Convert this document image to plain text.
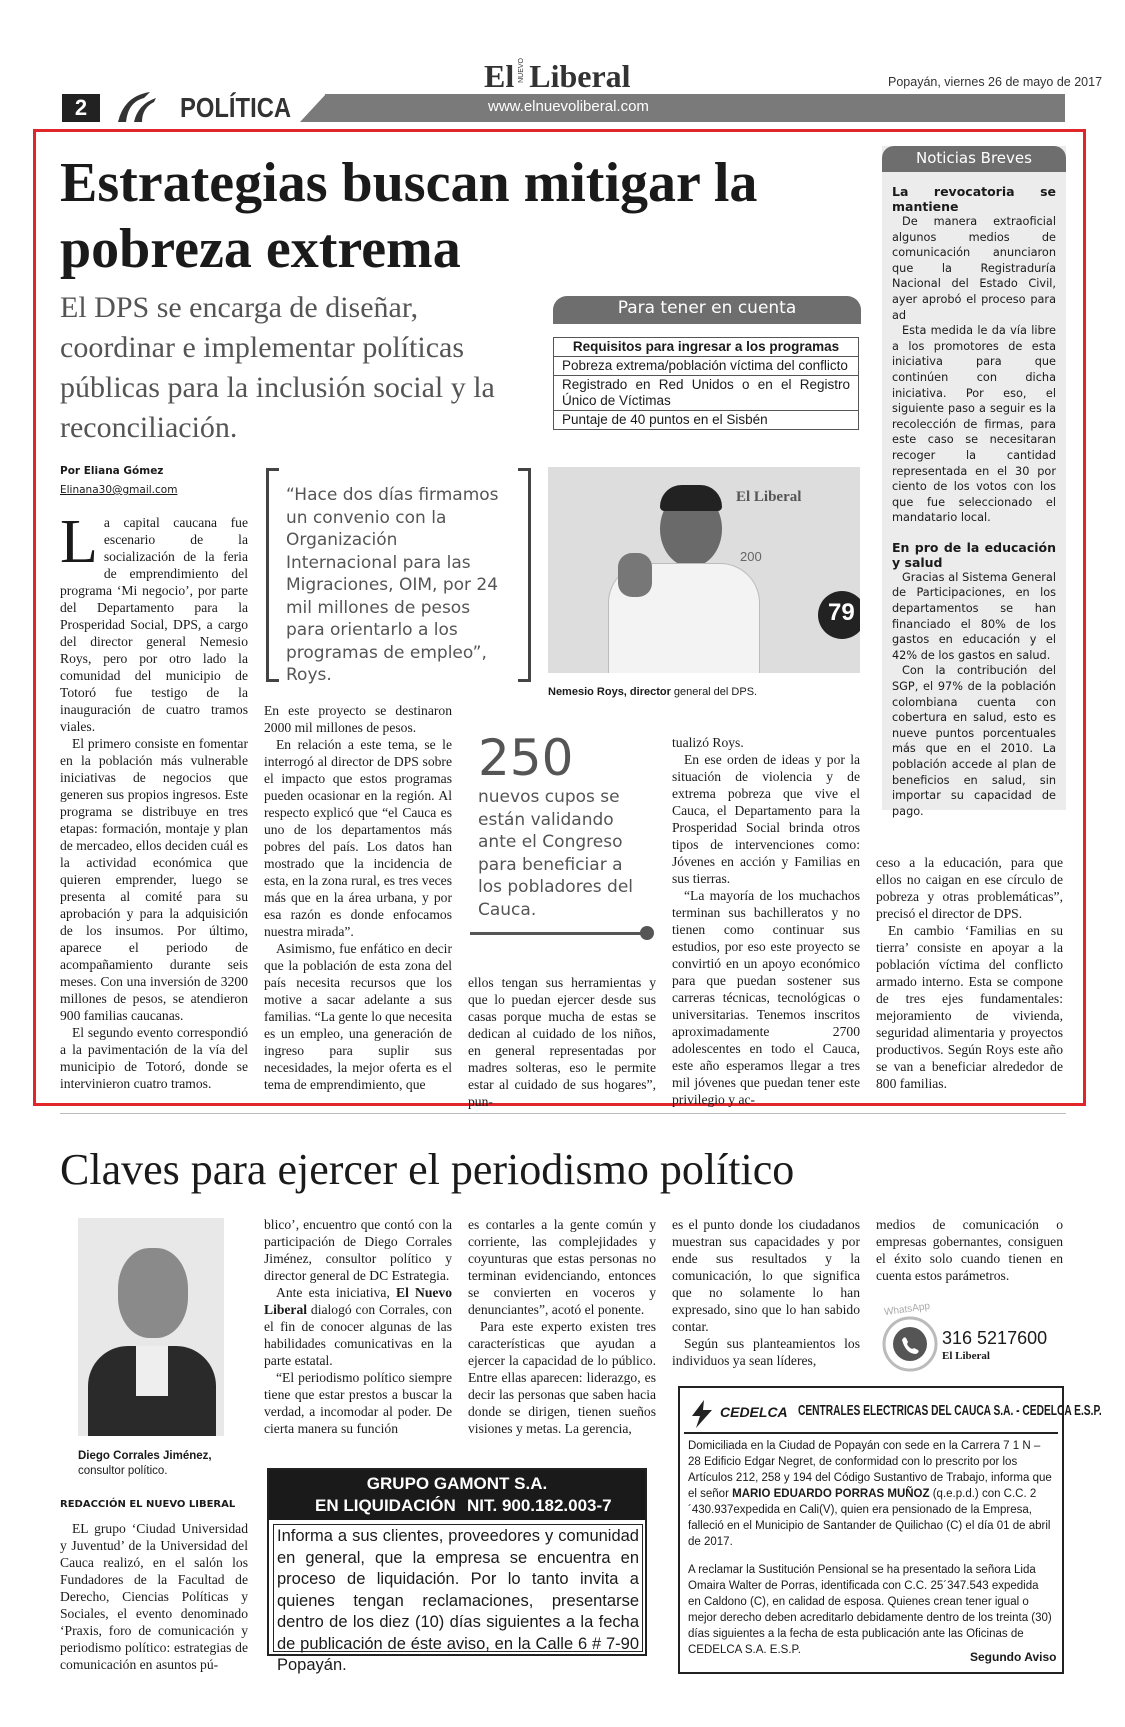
2	POLÍTICA	www.elnuevoliberal.com
El NUEVO Liberal	Popayán, viernes 26 de mayo de 2017
Estrategias buscan mitigar la pobreza extrema
El DPS se encarga de diseñar, coordinar e implementar políticas públicas para la inclusión social y la reconciliación.
Por Eliana Gómez
Elinana30@gmail.com

La capital caucana fue escenario de la socialización de la feria de emprendimiento del programa ‘Mi negocio’, por parte del Departamento para la Prosperidad Social, DPS, a cargo del director general Nemesio Roys, pero por otro lado la comunidad del municipio de Totoró fue testigo de la inauguración de cuatro tramos viales.

El primero consiste en fomentar en la población más vulnerable iniciativas de negocios que generen sus propios ingresos. Este programa se distribuye en tres etapas: formación, montaje y plan de mercadeo, ellos deciden cuál es la actividad económica que quieren emprender, luego se presenta al comité para su aprobación y para la adquisición de los insumos. Por último, aparece el periodo de acompañamiento durante seis meses. Con una inversión de 3200 millones de pesos, se atendieron 900 familias caucanas.

El segundo evento correspondió a la pavimentación de la vía del municipio de Totoró, donde se intervinieron cuatro tramos.

“Hace dos días firmamos un convenio con la Organización Internacional para las Migraciones, OIM, por 24 mil millones de pesos para orientarlo a los programas de empleo”, Roys.

En este proyecto se destinaron 2000 mil millones de pesos.

En relación a este tema, se le interrogó al director de DPS sobre el impacto que estos programas pueden ocasionar en la región. Al respecto explicó que “el Cauca es uno de los departamentos más pobres del país. Los datos han mostrado que la incidencia de esta, en la zona rural, es tres veces más que en la área urbana, y por esa razón es donde enfocamos nuestra mirada”.

Asimismo, fue enfático en decir que la población de esta zona del país necesita recursos que los motive a sacar adelante a sus familias. “La gente lo que necesita es un empleo, una generación de ingreso para suplir sus necesidades, la mejor oferta es el tema de emprendimiento, que

250
nuevos cupos se están validando ante el Congreso para beneficiar a los pobladores del Cauca.

ellos tengan sus herramientas y que lo puedan ejercer desde sus casas porque mucha de estas se dedican al cuidado de los niños, en general representadas por madres solteras, eso le permite estar al cuidado de sus hogares”, pun-

Para tener en cuenta
Requisitos para ingresar a los programas
Pobreza extrema/población víctima del conflicto
Registrado en Red Unidos o en el Registro Único de Víctimas
Puntaje de 40 puntos en el Sisbén
El Liberal
200
79
Nemesio Roys, director general del DPS.

tualizó Roys.

En ese orden de ideas y por la situación de violencia y de extrema pobreza que vive el Cauca, el Departamento para la Prosperidad Social brinda otros tipos de intervenciones como: Jóvenes en acción y Familias en sus tierras.

“La mayoría de los muchachos terminan sus bachilleratos y no tienen como continuar sus estudios, por eso este proyecto se convirtió en un apoyo económico para que puedan sostener sus carreras técnicas, tecnológicas o universitarias. Tenemos inscritos aproximadamente 2700 adolescentes en todo el Cauca, este año esperamos llegar a tres mil jóvenes que puedan tener este privilegio y ac-

ceso a la educación, para que ellos no caigan en ese círculo de pobreza y otras problemáticas”, precisó el director de DPS.

En cambio ‘Familias en su tierra’ consiste en apoyar a la población víctima del conflicto armado interno. Esta se compone de tres ejes fundamentales: mejoramiento de vivienda, seguridad alimentaria y proyectos productivos. Según Roys este año se van a beneficiar alrededor de 800 familias.

Noticias Breves
La revocatoria se mantiene

De manera extraoficial algunos medios de comunicación anunciaron que la Registraduría Nacional del Estado Civil, ayer aprobó el proceso para ad

Esta medida le da vía libre a los promotores de esta iniciativa para que continúen con dicha iniciativa. Por eso, el siguiente paso a seguir es la recolección de firmas, para este caso se necesitaran recoger la cantidad representada en el 30 por ciento de los votos con los que fue seleccionado el mandatario local.

En pro de la educación y salud

Gracias al Sistema General de Participaciones, en los departamentos se han financiado el 80% de los gastos en educación y el 42% de los gastos en salud.

Con la contribución del SGP, el 97% de la población colombiana cuenta con cobertura en salud, esto es nueve puntos porcentuales más que en el 2010. La población accede al plan de beneficios en salud, sin importar su capacidad de pago.

Claves para ejercer el periodismo político
Diego Corrales Jiménez,
consultor político.
REDACCIÓN EL NUEVO LIBERAL

EL grupo ‘Ciudad Universidad y Juventud’ de la Universidad del Cauca realizó, en el salón los Fundadores de la Facultad de Derecho, Ciencias Políticas y Sociales, el evento denominado ‘Praxis, foro de comunicación y periodismo político: estrategias de comunicación en asuntos pú-

blico’, encuentro que contó con la participación de Diego Corrales Jiménez, consultor político y director general de DC Estrategia.

Ante esta iniciativa, El Nuevo Liberal dialogó con Corrales, con el fin de conocer algunas de las habilidades comunicativas en la parte estatal.

“El periodismo político siempre tiene que estar prestos a buscar la verdad, a incomodar al poder. De cierta manera su función

es contarles a la gente común y corriente, las complejidades y coyunturas que estas personas no terminan evidenciando, entonces se convierten en voceros y denunciantes”, acotó el ponente.

Para este experto existen tres características que ayudan a ejercer la capacidad de lo público. Entre ellas aparecen: liderazgo, es decir las personas que saben hacia donde se dirigen, tienen sueños visiones y metas. La gerencia,

es el punto donde los ciudadanos muestran sus capacidades y por ende sus resultados y la comunicación, lo que significa que no solamente lo han expresado, sino que lo han sabido contar.

Según sus planteamientos los individuos ya sean líderes,

medios de comunicación o empresas gobernantes, consiguen el éxito solo cuando tienen en cuenta estos parámetros.

WhatsApp
316 5217600
El Liberal
GRUPO GAMONT S.A.
EN LIQUIDACIÓN NIT. 900.182.003-7
Informa a sus clientes, proveedores y comunidad en general, que la empresa se encuentra en proceso de liquidación. Por lo tanto invita a quienes tengan reclamaciones, presentarse dentro de los diez (10) días siguientes a la fecha de publicación de éste aviso, en la Calle 6 # 7-90 Popayán.
CEDELCA CENTRALES ELECTRICAS DEL CAUCA S.A. - CEDELCA E.S.P.
Domiciliada en la Ciudad de Popayán con sede en la Carrera 7 1 N – 28 Edificio Edgar Negret, de conformidad con lo prescrito por los Artículos 212, 258 y 194 del Código Sustantivo de Trabajo, informa que el señor MARIO EDUARDO PORRAS MUÑOZ (q.e.p.d.) con C.C. 2´430.937expedida en Cali(V), quien era pensionado de la Empresa, falleció en el Municipio de Santander de Quilichao (C) el día 01 de abril de 2017.
A reclamar la Sustitución Pensional se ha presentado la señora Lida Omaira Walter de Porras, identificada con C.C. 25´347.543 expedida en Caldono (C), en calidad de esposa. Quienes crean tener igual o mejor derecho deben acreditarlo debidamente dentro de los treinta (30) días siguientes a la fecha de esta publicación ante las Oficinas de CEDELCA S.A. E.S.P.	Segundo Aviso
